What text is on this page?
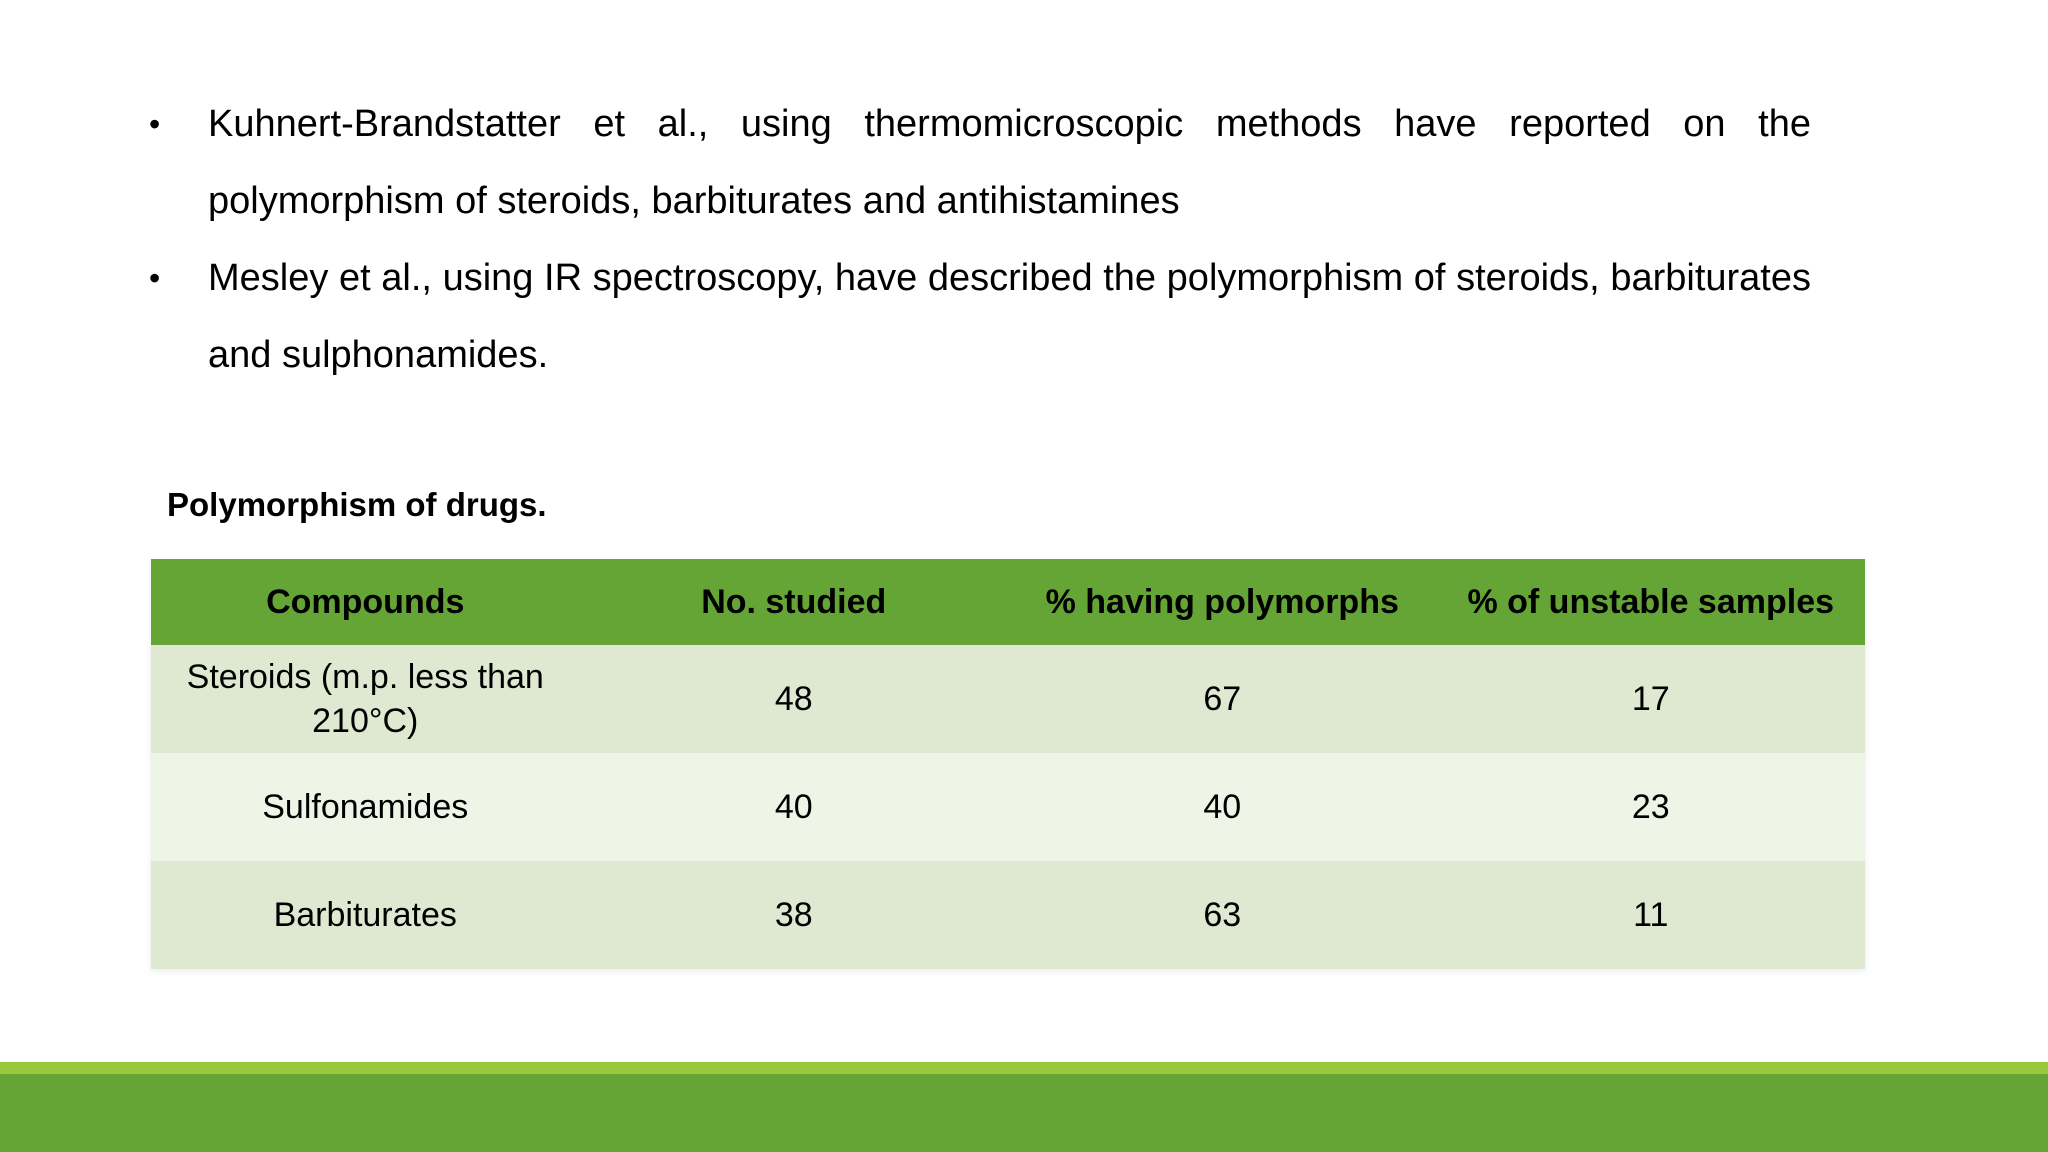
• Kuhnert-Brandstatter et al., using thermomicroscopic methods have reported on the polymorphism of steroids, barbiturates and antihistamines
• Mesley et al., using IR spectroscopy, have described the polymorphism of steroids, barbiturates and sulphonamides.
Polymorphism of drugs.
Compounds	No. studied	% having polymorphs	% of unstable samples
Steroids (m.p. less than 210°C)	48	67	17
Sulfonamides	40	40	23
Barbiturates	38	63	11
